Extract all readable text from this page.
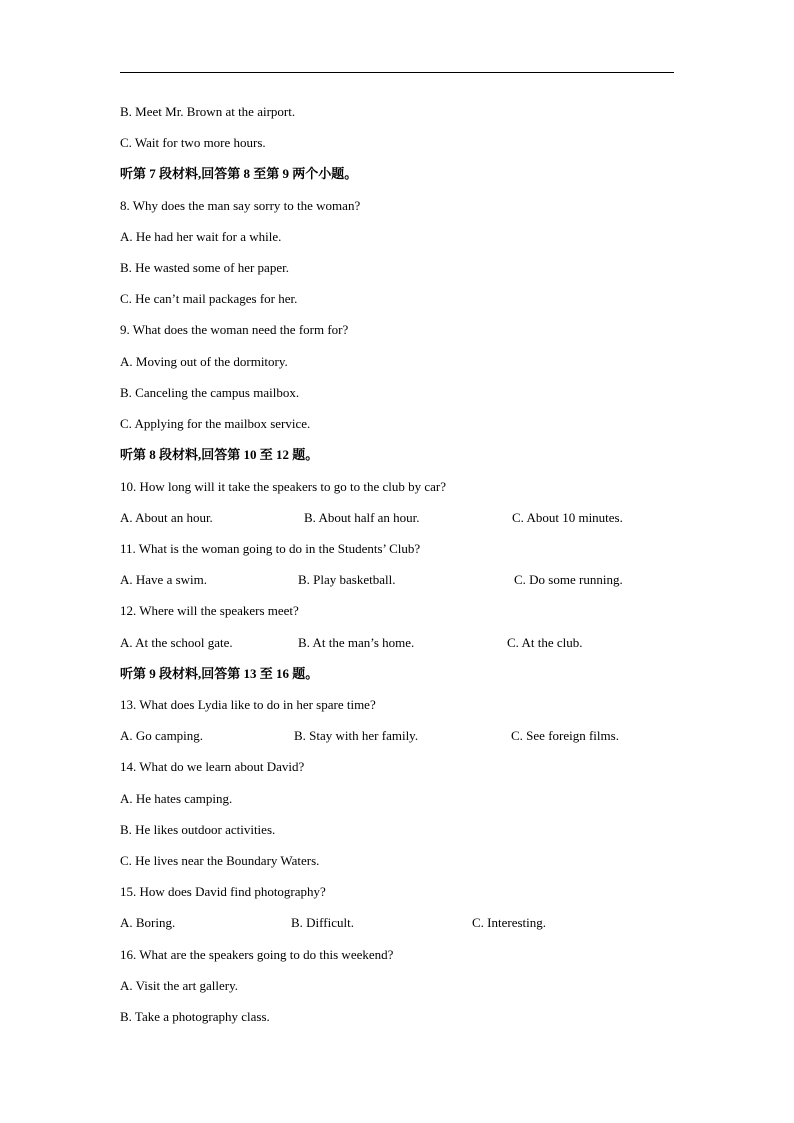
B. Meet Mr. Brown at the airport.
C. Wait for two more hours.
听第 7 段材料,回答第 8 至第 9 两个小题。
8. Why does the man say sorry to the woman?
A. He had her wait for a while.
B. He wasted some of her paper.
C. He can’t mail packages for her.
9. What does the woman need the form for?
A. Moving out of the dormitory.
B. Canceling the campus mailbox.
C. Applying for the mailbox service.
听第 8 段材料,回答第 10 至 12 题。
10. How long will it take the speakers to go to the club by car?
A. About an hour.	B. About half an hour.	C. About 10 minutes.
11. What is the woman going to do in the Students’ Club?
A. Have a swim.	B. Play basketball.	C. Do some running.
12. Where will the speakers meet?
A. At the school gate.	B. At the man’s home.	C. At the club.
听第 9 段材料,回答第 13 至 16 题。
13. What does Lydia like to do in her spare time?
A. Go camping.	B. Stay with her family.	C. See foreign films.
14. What do we learn about David?
A. He hates camping.
B. He likes outdoor activities.
C. He lives near the Boundary Waters.
15. How does David find photography?
A. Boring.	B. Difficult.	C. Interesting.
16. What are the speakers going to do this weekend?
A. Visit the art gallery.
B. Take a photography class.
